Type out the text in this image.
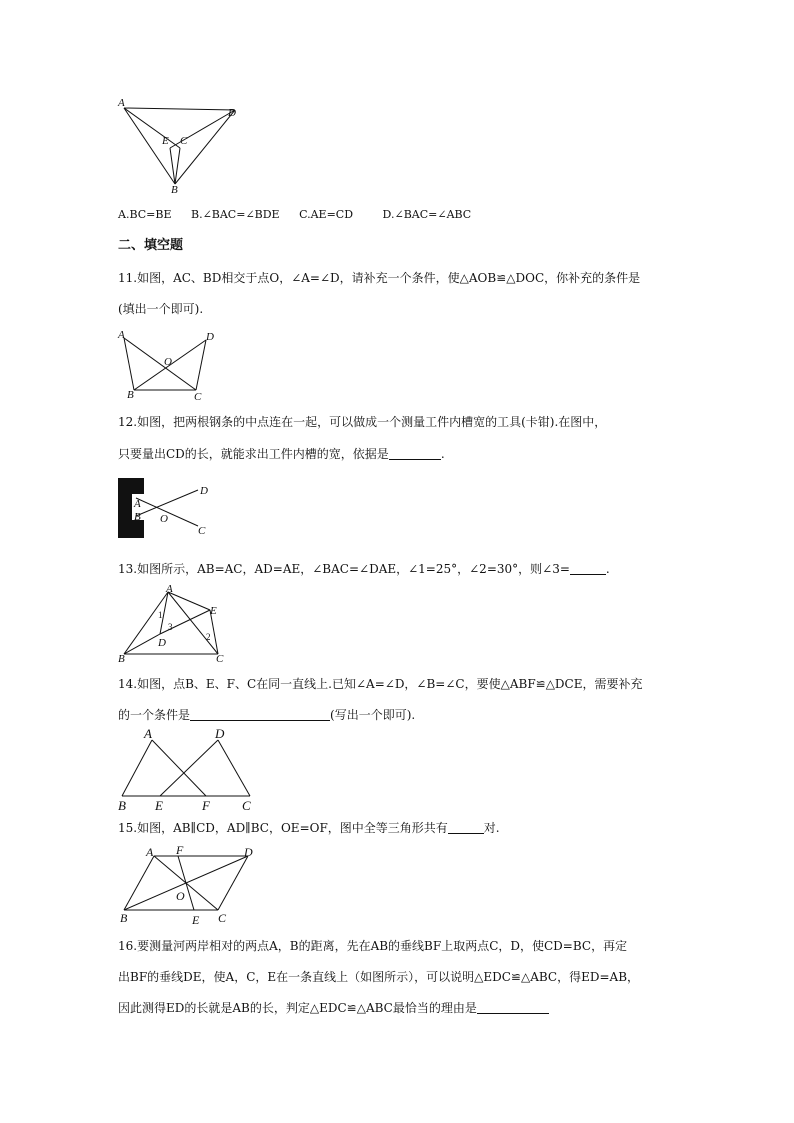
A
D
E C
B
A.BC=BE B.∠BAC=∠BDE C.AE=CD	D.∠BAC=∠ABC
二、填空题
11.如图，AC、BD相交于点O，∠A=∠D，请补充一个条件，使△AOB≌△DOC，你补充的条件是
(填出一个即可).
A	D
O
B	C
12.如图，把两根钢条的中点连在一起，可以做成一个测量工件内槽宽的工具(卡钳).在图中，
只要量出CD的长，就能求出工件内槽的宽，依据是	.
A
B O
D
C
13.如图所示，AB=AC，AD=AE，∠BAC=∠DAE，∠1=25°，∠2=30°，则∠3=	.
A
E
D
B	C
1
3
2
14.如图，点B、E、F、C在同一直线上.已知∠A=∠D，∠B=∠C，要使△ABF≌△DCE，需要补充
的一个条件是	(写出一个即可).
A	D
B E	F C
15.如图，AB∥CD，AD∥BC，OE=OF，图中全等三角形共有	对.
A F	D
O
B	E C
16.要测量河两岸相对的两点A，B的距离，先在AB的垂线BF上取两点C，D，使CD=BC，再定
出BF的垂线DE，使A，C，E在一条直线上（如图所示），可以说明△EDC≌△ABC，得ED=AB，
因此测得ED的长就是AB的长，判定△EDC≌△ABC最恰当的理由是
